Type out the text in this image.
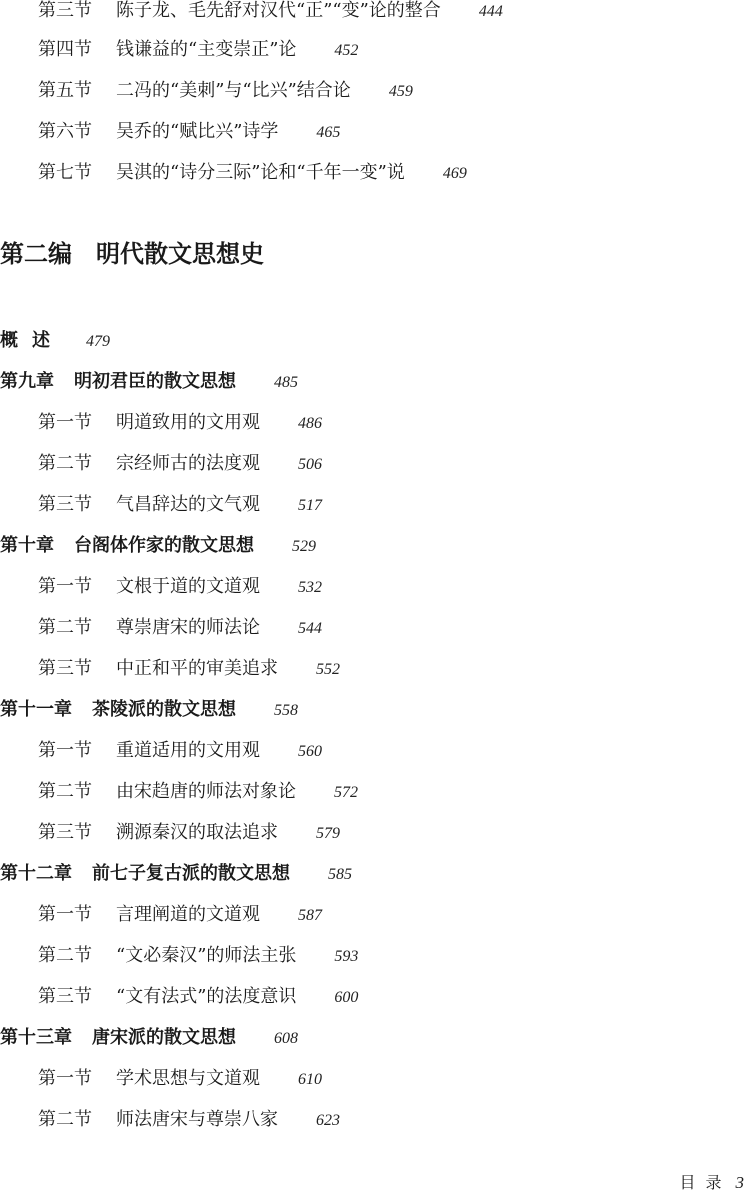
第三节 陈子龙、毛先舒对汉代“正”“变”论的整合 444
第四节 钱谦益的“主变崇正”论 452
第五节 二冯的“美刺”与“比兴”结合论 459
第六节 吴乔的“赋比兴”诗学 465
第七节 吴淇的“诗分三际”论和“千年一变”说 469
第二编 明代散文思想史
概述 479
第九章 明初君臣的散文思想 485
第一节 明道致用的文用观 486
第二节 宗经师古的法度观 506
第三节 气昌辞达的文气观 517
第十章 台阁体作家的散文思想 529
第一节 文根于道的文道观 532
第二节 尊崇唐宋的师法论 544
第三节 中正和平的审美追求 552
第十一章 茶陵派的散文思想 558
第一节 重道适用的文用观 560
第二节 由宋趋唐的师法对象论 572
第三节 溯源秦汉的取法追求 579
第十二章 前七子复古派的散文思想 585
第一节 言理阐道的文道观 587
第二节 “文必秦汉”的师法主张 593
第三节 “文有法式”的法度意识 600
第十三章 唐宋派的散文思想 608
第一节 学术思想与文道观 610
第二节 师法唐宋与尊崇八家 623
目录 3
